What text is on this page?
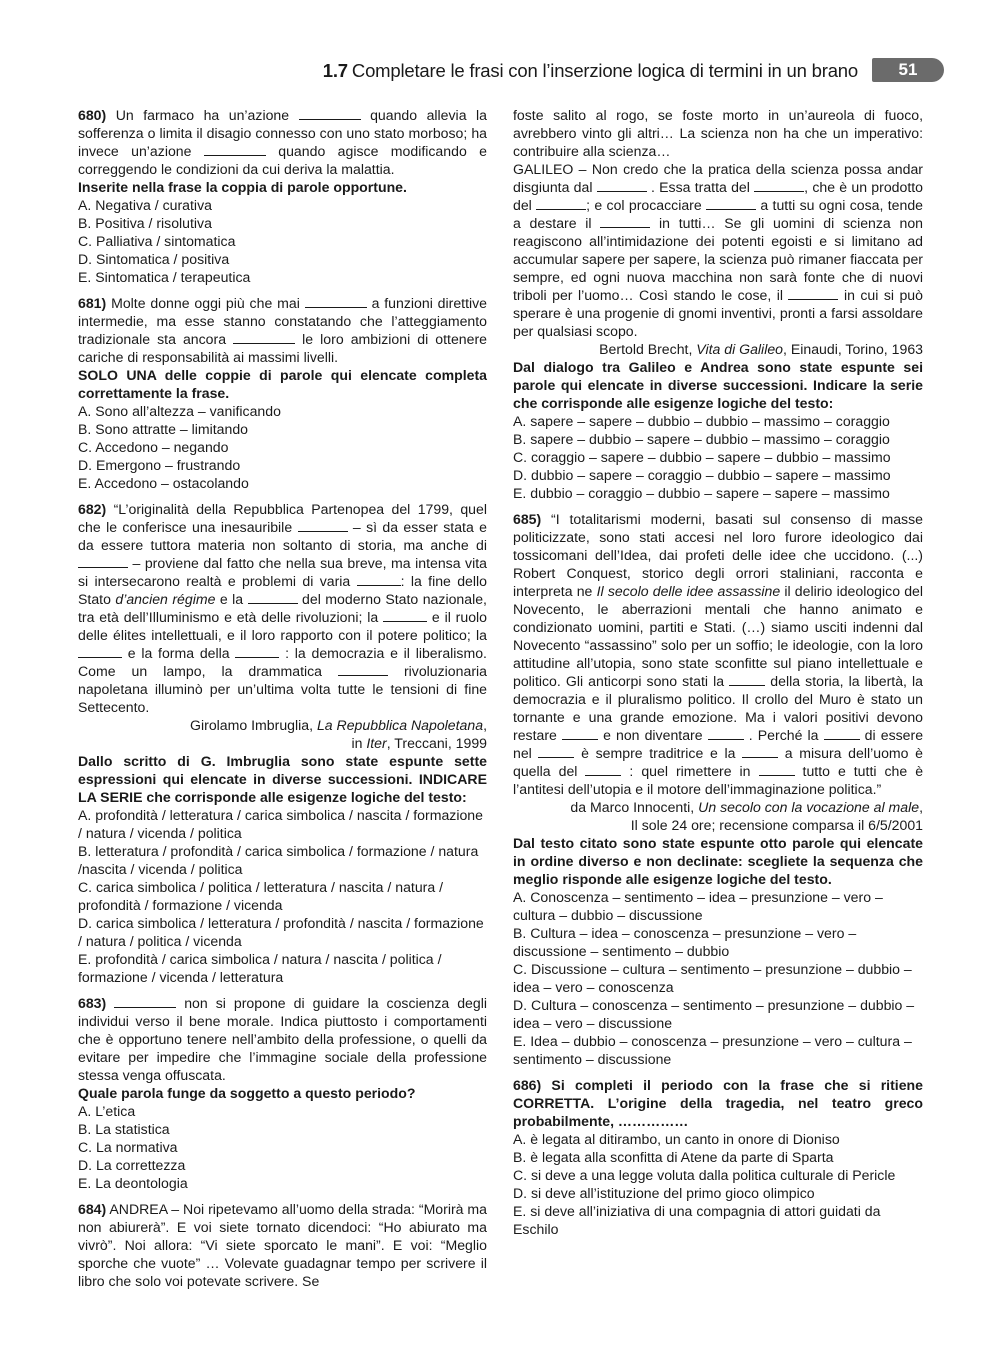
1.7 Completare le frasi con l’inserzione logica di termini in un brano	51

680) Un farmaco ha un’azione	quando allevia la sofferenza o limita il disagio connesso con uno stato morboso; ha invece un’azione	quando agisce modificando e correggendo le condizioni da cui deriva la malattia.

Inserite nella frase la coppia di parole opportune.
A. Negativa / curativa
B. Positiva / risolutiva
C. Palliativa / sintomatica
D. Sintomatica / positiva
E. Sintomatica / terapeutica

681) Molte donne oggi più che mai	a funzioni direttive intermedie, ma esse stanno constatando che l’atteggiamento tradizionale sta ancora	le loro ambizioni di ottenere cariche di responsabilità ai massimi livelli.

SOLO UNA delle coppie di parole qui elencate completa correttamente la frase.
A. Sono all’altezza – vanificando
B. Sono attratte – limitando
C. Accedono – negando
D. Emergono – frustrando
E. Accedono – ostacolando

682) “L’originalità della Repubblica Partenopea del 1799, quel che le conferisce una inesauribile	– sì da esser stata e da essere tuttora materia non soltanto di storia, ma anche di  – proviene dal fatto che nella sua breve, ma intensa vita si intersecarono realtà e problemi di varia	: la fine dello Stato d’ancien régime e la	del moderno Stato nazionale, tra età dell’Illuminismo e età delle rivoluzioni; la	e il ruolo delle élites intellettuali, e il loro rapporto con il potere politico; la  e la forma della	: la democrazia e il liberalismo. Come un lampo, la drammatica	rivoluzionaria napoletana illuminò per un’ultima volta tutte le tensioni di fine Settecento.

Girolamo Imbruglia, La Repubblica Napoletana,
in Iter, Treccani, 1999
Dallo scritto di G. Imbruglia sono state espunte sette espressioni qui elencate in diverse successioni. INDICARE LA SERIE che corrisponde alle esigenze logiche del testo:
A. profondità / letteratura / carica simbolica / nascita / formazione / natura / vicenda / politica
B. letteratura / profondità / carica simbolica / formazione / natura /nascita / vicenda / politica
C. carica simbolica / politica / letteratura / nascita / natura / profondità / formazione / vicenda
D. carica simbolica / letteratura / profondità / nascita / formazione / natura / politica / vicenda
E. profondità / carica simbolica / natura / nascita / politica / formazione / vicenda / letteratura

683)	non si propone di guidare la coscienza degli individui verso il bene morale. Indica piuttosto i comportamenti che è opportuno tenere nell’ambito della professione, o quelli da evitare per impedire che l’immagine sociale della professione stessa venga offuscata.

Quale parola funge da soggetto a questo periodo?
A. L’etica
B. La statistica
C. La normativa
D. La correttezza
E. La deontologia

684) ANDREA – Noi ripetevamo all’uomo della strada: “Morirà ma non abiurerà”. E voi siete tornato dicendoci: “Ho abiurato ma vivrò”. Noi allora: “Vi siete sporcato le mani”. E voi: “Meglio sporche che vuote” … Volevate guadagnar tempo per scrivere il libro che solo voi potevate scrivere. Se

foste salito al rogo, se foste morto in un’aureola di fuoco, avrebbero vinto gli altri… La scienza non ha che un imperativo: contribuire alla scienza…

GALILEO – Non credo che la pratica della scienza possa andar disgiunta dal	. Essa tratta del	, che è un prodotto del	; e col procacciare	a tutti su ogni cosa, tende a destare il	in tutti… Se gli uomini di scienza non reagiscono all’intimidazione dei potenti egoisti e si limitano ad accumular sapere per sapere, la scienza può rimaner fiaccata per sempre, ed ogni nuova macchina non sarà fonte che di nuovi triboli per l’uomo… Così stando le cose, il	in cui si può sperare è una progenie di gnomi inventivi, pronti a farsi assoldare per qualsiasi scopo.

Bertold Brecht, Vita di Galileo, Einaudi, Torino, 1963
Dal dialogo tra Galileo e Andrea sono state espunte sei parole qui elencate in diverse successioni. Indicare la serie che corrisponde alle esigenze logiche del testo:
A. sapere – sapere – dubbio – dubbio – massimo – coraggio
B. sapere – dubbio – sapere – dubbio – massimo – coraggio
C. coraggio – sapere – dubbio – sapere – dubbio – massimo
D. dubbio – sapere – coraggio – dubbio – sapere – massimo
E. dubbio – coraggio – dubbio – sapere – sapere – massimo

685) “I totalitarismi moderni, basati sul consenso di masse politicizzate, sono stati accesi nel loro furore ideologico dai tossicomani dell’Idea, dai profeti delle idee che uccidono. (...) Robert Conquest, storico degli orrori staliniani, racconta e interpreta ne Il secolo delle idee assassine il delirio ideologico del Novecento, le aberrazioni mentali che hanno animato e condizionato uomini, partiti e Stati. (…) siamo usciti indenni dal Novecento “assassino” solo per un soffio; le ideologie, con la loro attitudine all’utopia, sono state sconfitte sul piano intellettuale e politico. Gli anticorpi sono stati la	della storia, la libertà, la democrazia e il pluralismo politico. Il crollo del Muro è stato un tornante e una grande emozione. Ma i valori positivi devono restare	e non diventare	. Perché la	di essere nel	è sempre traditrice e la	a misura dell’uomo è quella del	: quel rimettere in	tutto e tutti che è l’antitesi dell’utopia e il motore dell’immaginazione politica.”

da Marco Innocenti, Un secolo con la vocazione al male,
Il sole 24 ore; recensione comparsa il 6/5/2001
Dal testo citato sono state espunte otto parole qui elencate in ordine diverso e non declinate: scegliete la sequenza che meglio risponde alle esigenze logiche del testo.
A. Conoscenza – sentimento – idea – presunzione – vero – cultura – dubbio – discussione
B. Cultura – idea – conoscenza – presunzione – vero – discussione – sentimento – dubbio
C. Discussione – cultura – sentimento – presunzione – dubbio – idea – vero – conoscenza
D. Cultura – conoscenza – sentimento – presunzione – dubbio – idea – vero – discussione
E. Idea – dubbio – conoscenza – presunzione – vero – cultura – sentimento – discussione
686) Si completi il periodo con la frase che si ritiene CORRETTA. L’origine della tragedia, nel teatro greco probabilmente, ……………
A. è legata al ditirambo, un canto in onore di Dioniso
B. è legata alla sconfitta di Atene da parte di Sparta
C. si deve a una legge voluta dalla politica culturale di Pericle
D. si deve all’istituzione del primo gioco olimpico
E. si deve all’iniziativa di una compagnia di attori guidati da Eschilo
